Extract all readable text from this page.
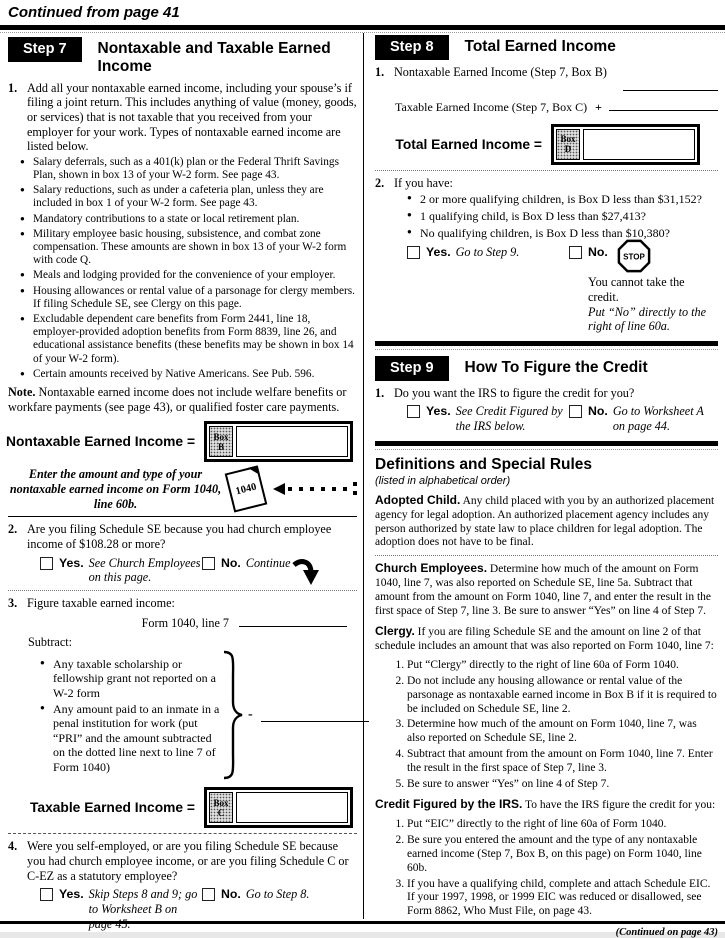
Continued from page 41
Step 7	Nontaxable and Taxable Earned Income
1. Add all your nontaxable earned income, including your spouse’s if filing a joint return. This includes anything of value (money, goods, or services) that is not taxable that you received from your employer for your work. Types of nontaxable earned income are listed below.
● Salary deferrals, such as a 401(k) plan or the Federal Thrift Savings Plan, shown in box 13 of your W-2 form. See page 43.
● Salary reductions, such as under a cafeteria plan, unless they are included in box 1 of your W-2 form. See page 43.
● Mandatory contributions to a state or local retirement plan.
● Military employee basic housing, subsistence, and combat zone compensation. These amounts are shown in box 13 of your W-2 form with code Q.
● Meals and lodging provided for the convenience of your employer.
● Housing allowances or rental value of a parsonage for clergy members. If filing Schedule SE, see Clergy on this page.
● Excludable dependent care benefits from Form 2441, line 18, employer-provided adoption benefits from Form 8839, line 26, and educational assistance benefits (these benefits may be shown in box 14 of your W-2 form).
● Certain amounts received by Native Americans. See Pub. 596.
Note. Nontaxable earned income does not include welfare benefits or workfare payments (see page 43), or qualified foster care payments.
Nontaxable Earned Income = Box
B
Enter the amount and type of your nontaxable earned income on Form 1040, line 60b.
1040
2. Are you filing Schedule SE because you had church employee income of $108.28 or more?
Yes. See Church Employees on this page.
No. Continue
3. Figure taxable earned income:
Form 1040, line 7
Subtract:
● Any taxable scholarship or fellowship grant not reported on a W-2 form
● Any amount paid to an inmate in a penal institution for work (put “PRI” and the amount subtracted on the dotted line next to line 7 of Form 1040)
-
Taxable Earned Income = Box
C
4. Were you self-employed, or are you filing Schedule SE because you had church employee income, or are you filing Schedule C or C-EZ as a statutory employee?
Yes. Skip Steps 8 and 9; go to Worksheet B on page 45.
No. Go to Step 8.
Step 8	Total Earned Income
1. Nontaxable Earned Income (Step 7, Box B)
Taxable Earned Income (Step 7, Box C) +
Total Earned Income = Box
D
2. If you have:
● 2 or more qualifying children, is Box D less than $31,152?
● 1 qualifying child, is Box D less than $27,413?
● No qualifying children, is Box D less than $10,380?
Yes. Go to Step 9.	No. STOP
You cannot take the credit.
Put “No” directly to the right of line 60a.
Step 9	How To Figure the Credit
1. Do you want the IRS to figure the credit for you?
Yes. See Credit Figured by the IRS below.
No. Go to Worksheet A on page 44.
Definitions and Special Rules
(listed in alphabetical order)
Adopted Child. Any child placed with you by an authorized placement agency for legal adoption. An authorized placement agency includes any person authorized by state law to place children for legal adoption. The adoption does not have to be final.
Church Employees. Determine how much of the amount on Form 1040, line 7, was also reported on Schedule SE, line 5a. Subtract that amount from the amount on Form 1040, line 7, and enter the result in the first space of Step 7, line 3. Be sure to answer “Yes” on line 4 of Step 7.
Clergy. If you are filing Schedule SE and the amount on line 2 of that schedule includes an amount that was also reported on Form 1040, line 7:
1. Put “Clergy” directly to the right of line 60a of Form 1040.
2. Do not include any housing allowance or rental value of the parsonage as nontaxable earned income in Box B if it is required to be included on Schedule SE, line 2.
3. Determine how much of the amount on Form 1040, line 7, was also reported on Schedule SE, line 2.
4. Subtract that amount from the amount on Form 1040, line 7. Enter the result in the first space of Step 7, line 3.
5. Be sure to answer “Yes” on line 4 of Step 7.
Credit Figured by the IRS. To have the IRS figure the credit for you:
1. Put “EIC” directly to the right of line 60a of Form 1040.
2. Be sure you entered the amount and the type of any nontaxable earned income (Step 7, Box B, on this page) on Form 1040, line 60b.
3. If you have a qualifying child, complete and attach Schedule EIC. If your 1997, 1998, or 1999 EIC was reduced or disallowed, see Form 8862, Who Must File, on page 43.
(Continued on page 43)
